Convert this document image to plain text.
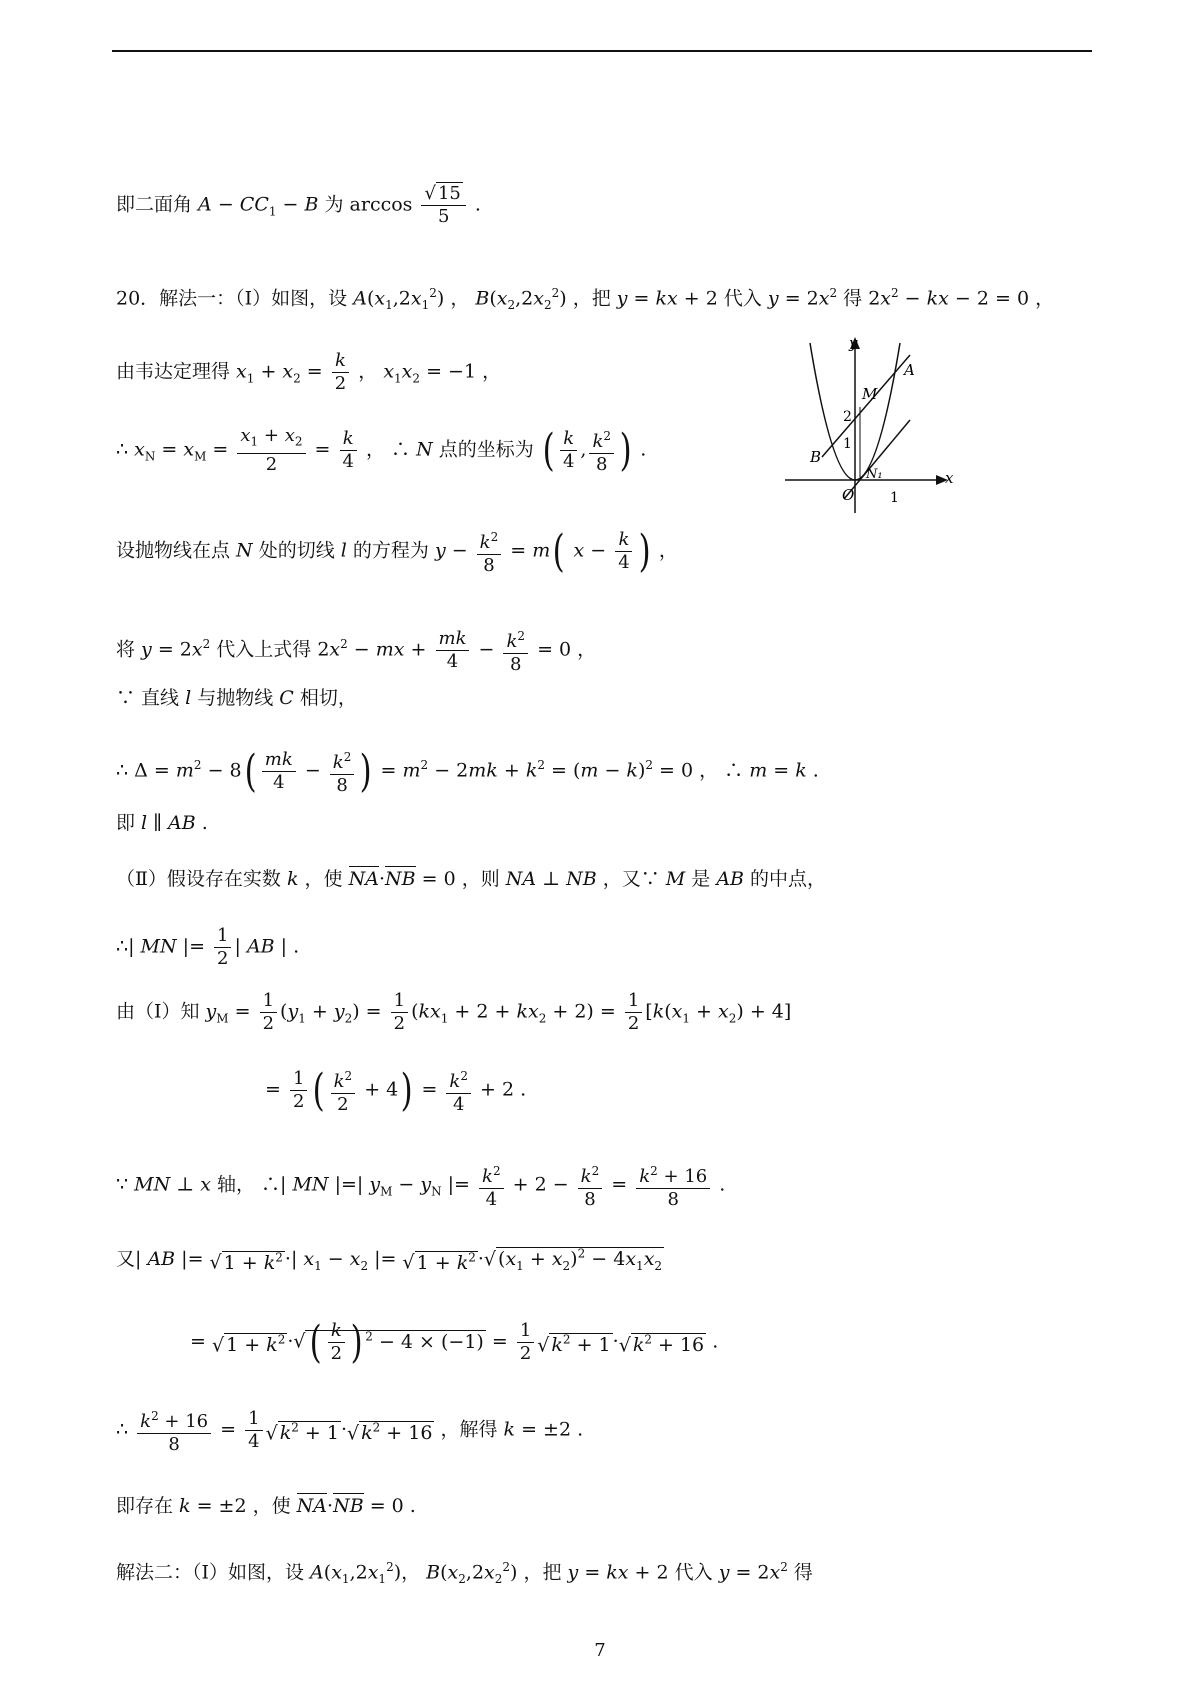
即二面角 $A - CC_1 - B$ 为 $\arccos \frac{√ 15}{5}$ .
20．解法一：（Ⅰ）如图，设 $A(x_1,2x_1^2)$ ， $B(x_2,2x_2^2)$ ，把 y = kx + 2 代入 $y = 2x^2$ 得 $2x^2$ − kx − 2 = 0 ，
由韦达定理得 $x_1 + x_2 = \frac{k}{2}$ ， $x_1x_2 = -1$ ，
∴ $x_N = x_M = \frac{x_1 + x_2}{2} = \frac{k}{4}$ ， ∴ N 点的坐标为 ( $\frac{k}{4}$ , $\frac{k^2}{8}$ ) .
设抛物线在点 N 处的切线 l 的方程为 $y - \frac{k^2}{8} = m$( $x - \frac{k}{4}$ ) ，
将 $y = 2x^2$ 代入上式得 $2x^2$ − mx + $\frac{mk}{4} - \frac{k^2}{8} = 0$ ，
∵ 直线 l 与抛物线 C 相切，
∴ $\Delta = m^2 - 8( \frac{mk}{4} - \frac{k^2}{8}$ ) = $m^2 - 2mk + k^2 = (m - k)^2 = 0$ ， ∴ m = k .
即 l ∥ AB .
（Ⅱ）假设存在实数 k ，使 NA·NB = 0 ，则 NA ⊥ NB ，又∵ M 是 AB 的中点，
∴| MN |= $\frac{1}{2}$ | AB | .
由（Ⅰ）知 $y_M = \frac{1}{2} (y_1 + y_2) = \frac{1}{2} (kx_1 + 2 + kx_2 + 2) = \frac{1}{2} [k(x_1 + x_2) + 4]$
= $\frac{1}{2}$ ( $\frac{k^2}{2} + 4) = \frac{k^2}{4} + 2$ .
∵ MN ⊥ x 轴， ∴| MN |=| $y_M - y_N$ |= $\frac{k^2}{4} + 2 - \frac{k^2}{8} = \frac{k^2 + 16}{8}$ .
又| AB |= √ $1 + k^2$ ·| $x_1 - x_2$ |= √ $1 + k^2$ ·√ $(x_1 + x_2)^2 - 4x_1x_2$
= √ $1 + k^2$ ·√ ( $\frac{k}{2}$ ) $^2 - 4 \times (-1) = \frac{1}{2}$ √ $k^2 + 1$ ·√ $k^2 + 16$ .
∴ $\frac{k^2 + 16}{8} = \frac{1}{4}$ √ $k^2 + 1$ ·√ $k^2 + 16$ ，解得 k = ±2 .
即存在 k = ±2 ，使 NA·NB = 0 .
解法二：（Ⅰ）如图，设 $A(x_1,2x_1^2)$， $B(x_2,2x_2^2)$ ，把 y = kx + 2 代入 $y = 2x^2$ 得
y
x
M
A
B
O
N₁
2
1
1
7
